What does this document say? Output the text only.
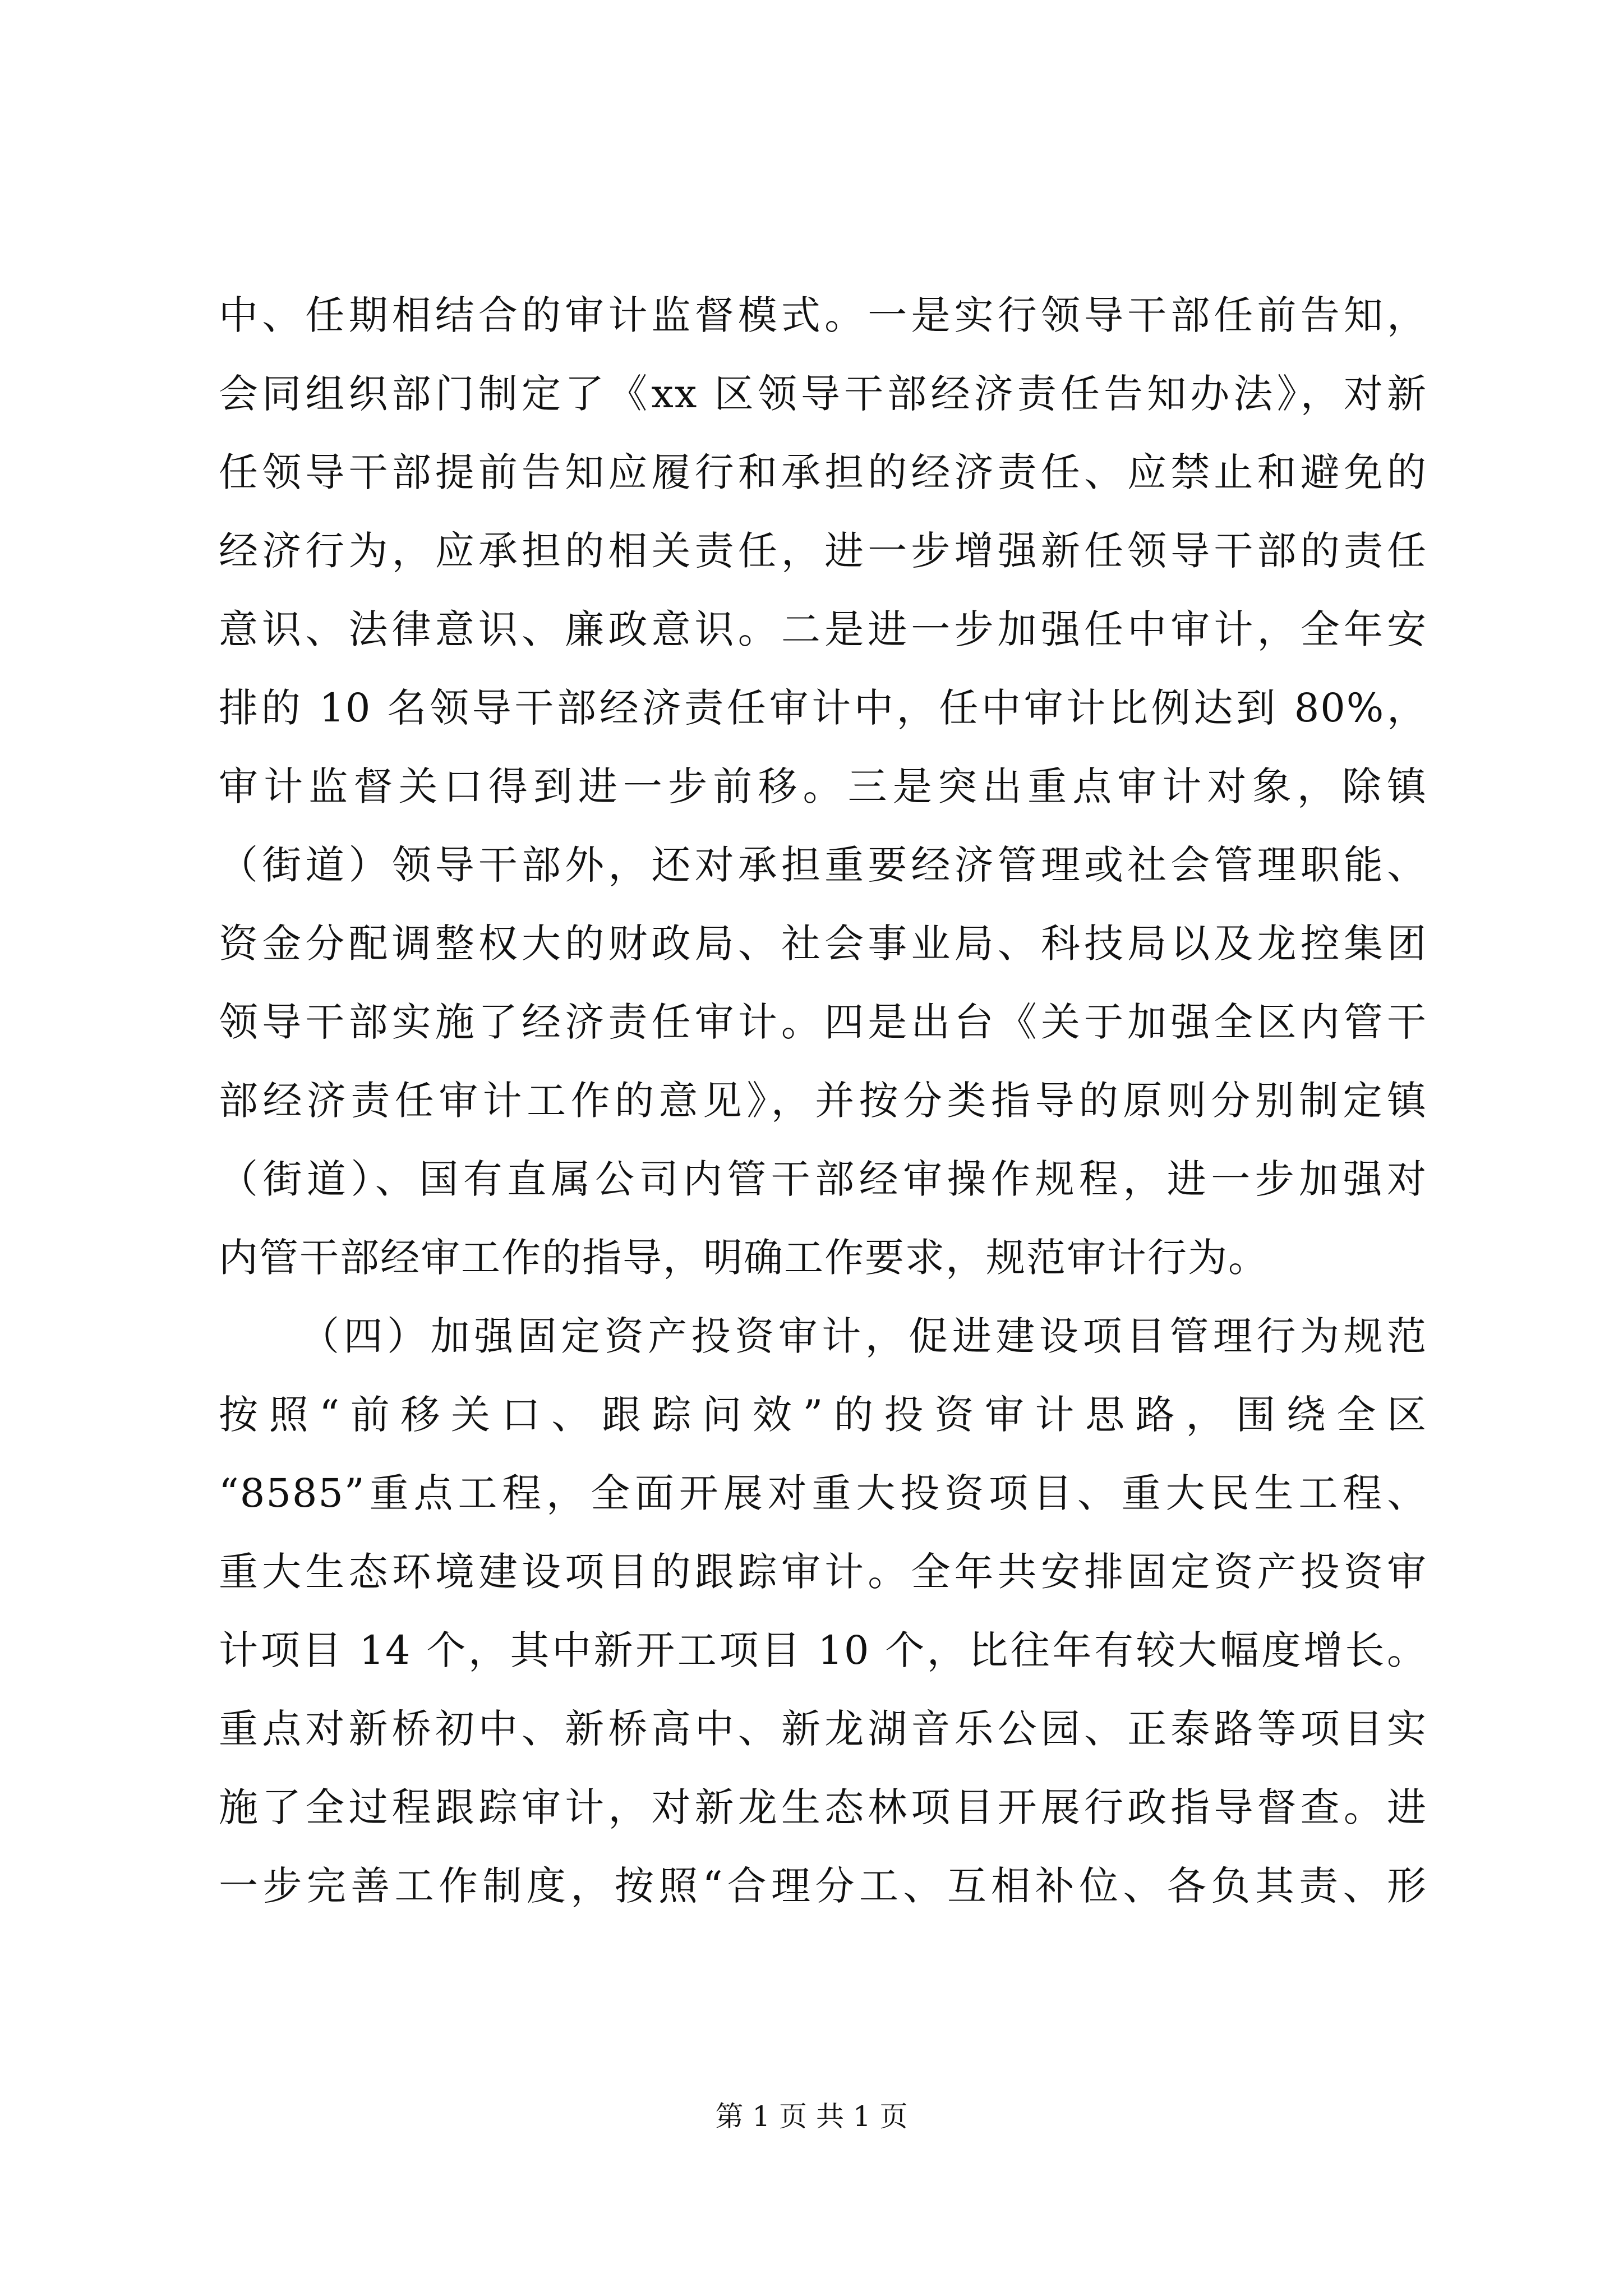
中、任期相结合的审计监督模式。一是实行领导干部任前告知，
会同组织部门制定了《xx 区领导干部经济责任告知办法》，对新
任领导干部提前告知应履行和承担的经济责任、应禁止和避免的
经济行为，应承担的相关责任，进一步增强新任领导干部的责任
意识、法律意识、廉政意识。二是进一步加强任中审计，全年安
排的 10 名领导干部经济责任审计中，任中审计比例达到 80%，
审计监督关口得到进一步前移。三是突出重点审计对象，除镇
（街道）领导干部外，还对承担重要经济管理或社会管理职能、
资金分配调整权大的财政局、社会事业局、科技局以及龙控集团
领导干部实施了经济责任审计。四是出台《关于加强全区内管干
部经济责任审计工作的意见》，并按分类指导的原则分别制定镇
（街道）、国有直属公司内管干部经审操作规程，进一步加强对
内管干部经审工作的指导，明确工作要求，规范审计行为。
（四）加强固定资产投资审计，促进建设项目管理行为规范
按照“前移关口、跟踪问效”的投资审计思路，围绕全区
“8585”重点工程，全面开展对重大投资项目、重大民生工程、
重大生态环境建设项目的跟踪审计。全年共安排固定资产投资审
计项目 14 个，其中新开工项目 10 个，比往年有较大幅度增长。
重点对新桥初中、新桥高中、新龙湖音乐公园、正泰路等项目实
施了全过程跟踪审计，对新龙生态林项目开展行政指导督查。进
一步完善工作制度，按照“合理分工、互相补位、各负其责、形
第 1 页 共 1 页
